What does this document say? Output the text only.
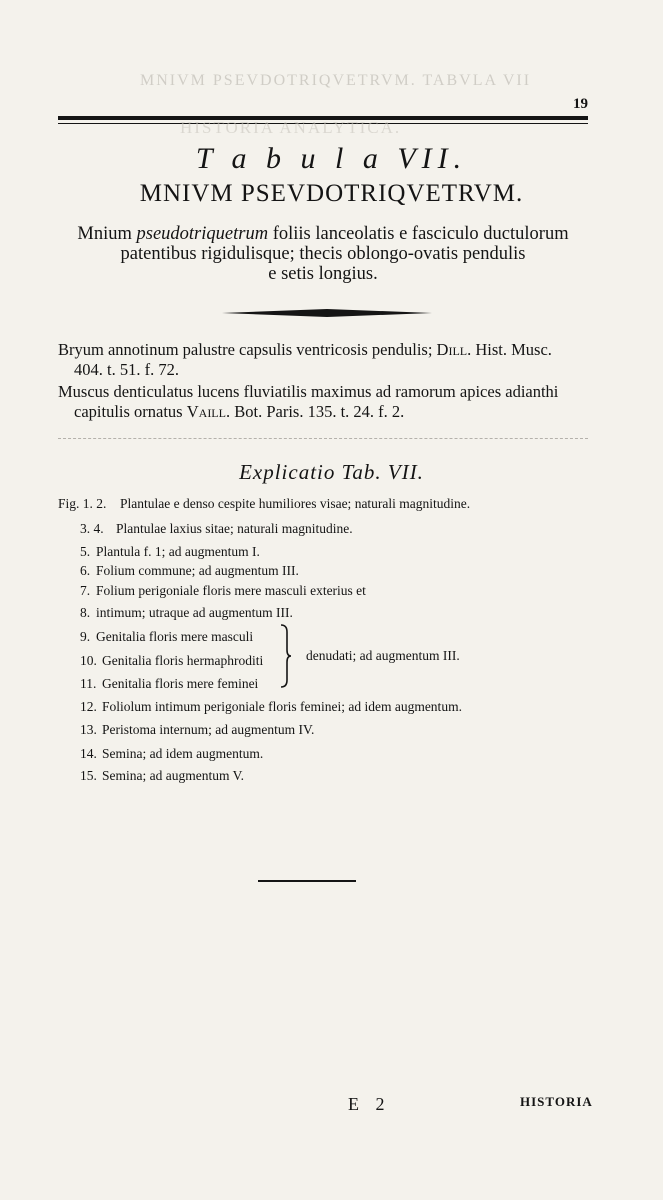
MNIVM PSEVDOTRIQVETRVM. TABVLA VII
19
HISTORIA ANALYTICA.
T a b u l a VII.
MNIVM PSEVDOTRIQVETRVM.
Mnium pseudotriquetrum foliis lanceolatis e fasciculo ductulorum
patentibus rigidulisque; thecis oblongo-ovatis pendulis
e setis longius.

Bryum annotinum palustre capsulis ventricosis pendulis; Dill. Hist. Musc.
404. t. 51. f. 72.

Muscus denticulatus lucens fluviatilis maximus ad ramorum apices adianthi
capitulis ornatus Vaill. Bot. Paris. 135. t. 24. f. 2.

Explicatio Tab. VII.
Fig. 1. 2. Plantulae e denso cespite humiliores visae; naturali magnitudine.
3. 4. Plantulae laxius sitae; naturali magnitudine.
5. Plantula f. 1; ad augmentum I.
6. Folium commune; ad augmentum III.
7. Folium perigoniale floris mere masculi exterius et
8. intimum; utraque ad augmentum III.
9. Genitalia floris mere masculi
10. Genitalia floris hermaphroditi
11. Genitalia floris mere feminei
denudati; ad augmentum III.
12. Foliolum intimum perigoniale floris feminei; ad idem augmentum.
13. Peristoma internum; ad augmentum IV.
14. Semina; ad idem augmentum.
15. Semina; ad augmentum V.
E 2	HISTORIA
